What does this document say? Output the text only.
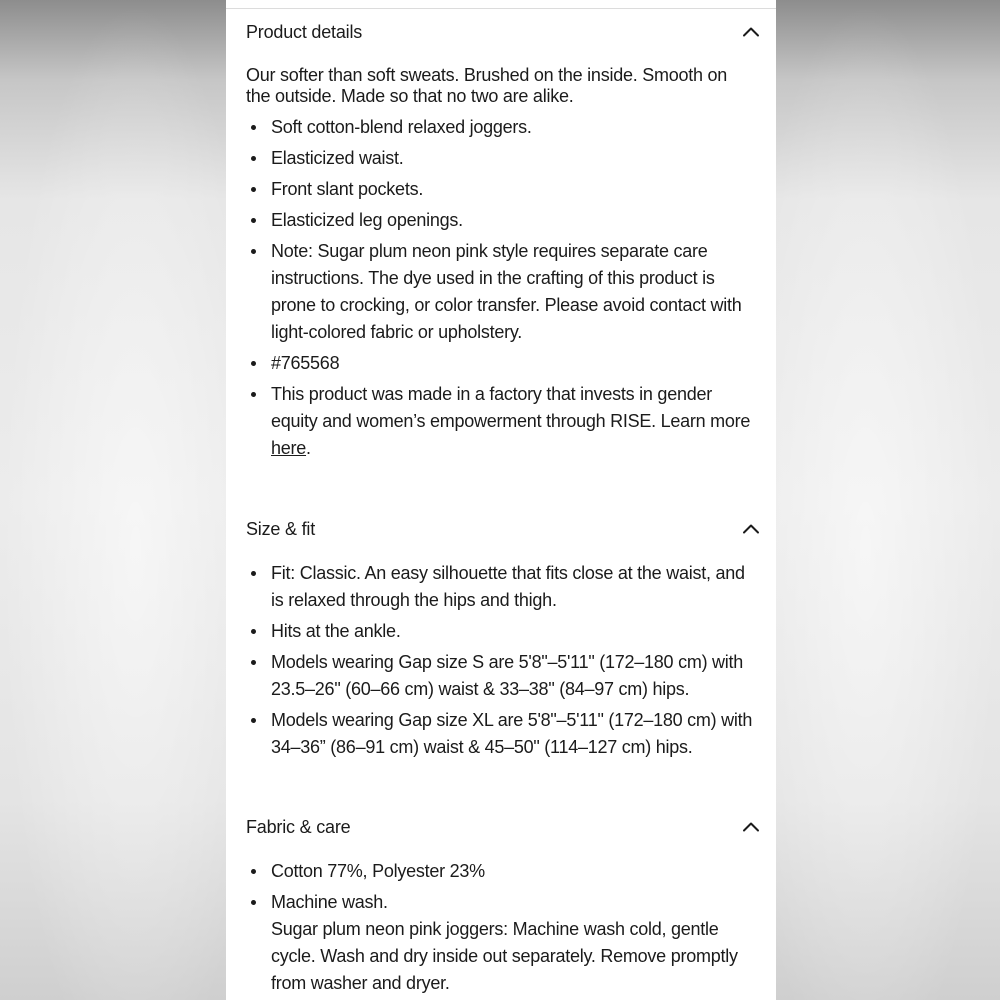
Product details

Our softer than soft sweats. Brushed on the inside. Smooth on the outside. Made so that no two are alike.

Soft cotton-blend relaxed joggers.
Elasticized waist.
Front slant pockets.
Elasticized leg openings.
Note: Sugar plum neon pink style requires separate care instructions. The dye used in the crafting of this product is prone to crocking, or color transfer. Please avoid contact with light-colored fabric or upholstery.
#765568
This product was made in a factory that invests in gender equity and women’s empowerment through RISE. Learn more here.
Size & fit
Fit: Classic. An easy silhouette that fits close at the waist, and is relaxed through the hips and thigh.
Hits at the ankle.
Models wearing Gap size S are 5'8"–5'11" (172–180 cm) with 23.5–26" (60–66 cm) waist & 33–38" (84–97 cm) hips.
Models wearing Gap size XL are 5'8"–5'11" (172–180 cm) with 34–36” (86–91 cm) waist & 45–50" (114–127 cm) hips.
Fabric & care
Cotton 77%, Polyester 23%
Machine wash.
Sugar plum neon pink joggers: Machine wash cold, gentle cycle. Wash and dry inside out separately. Remove promptly from washer and dryer.
